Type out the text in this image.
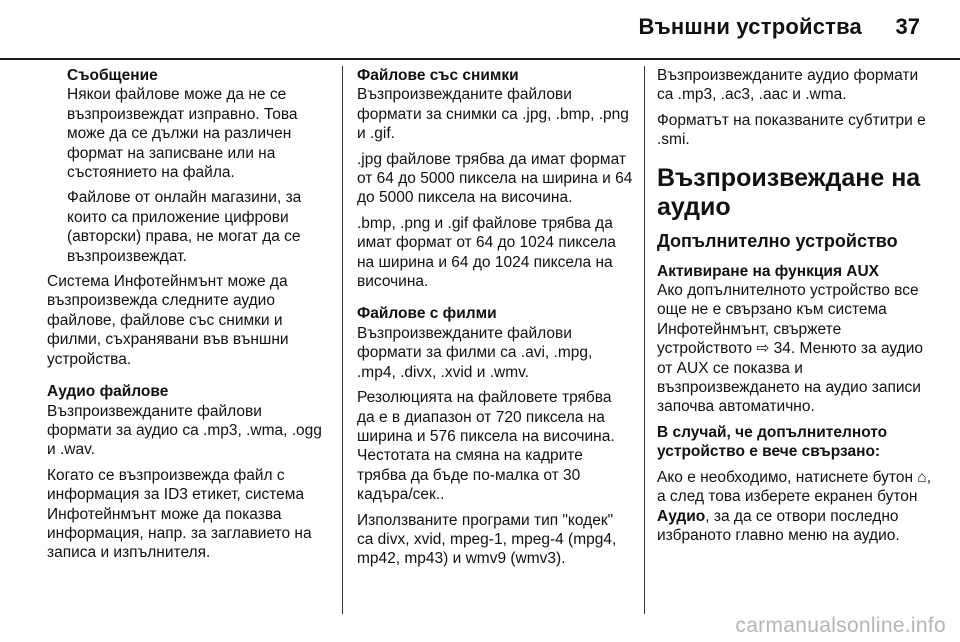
Външни устройства 37
Съобщение

Някои файлове може да не се възпроизвеждат изправно. Това може да се дължи на различен формат на записване или на състоянието на файла.

Файлове от онлайн магазини, за които са приложение цифрови (авторски) права, не могат да се възпроизвеждат.

Система Инфотейнмънт може да възпроизвежда следните аудио файлове, файлове със снимки и филми, съхранявани във външни устройства.

Аудио файлове

Възпроизвежданите файлови формати за аудио са .mp3, .wma, .ogg и .wav.

Когато се възпроизвежда файл с информация за ID3 етикет, система Инфотейнмънт може да показва информация, напр. за заглавието на записа и изпълнителя.

Файлове със снимки

Възпроизвежданите файлови формати за снимки са .jpg, .bmp, .png и .gif.

.jpg файлове трябва да имат формат от 64 до 5000 пиксела на ширина и 64 до 5000 пиксела на височина.

.bmp, .png и .gif файлове трябва да имат формат от 64 до 1024 пиксела на ширина и 64 до 1024 пиксела на височина.

Файлове с филми

Възпроизвежданите файлови формати за филми са .avi, .mpg, .mp4, .divx, .xvid и .wmv.

Резолюцията на файловете трябва да е в диапазон от 720 пиксела на ширина и 576 пиксела на височина. Честотата на смяна на кадрите трябва да бъде по-малка от 30 кадъра/сек..

Използваните програми тип "кодек" са divx, xvid, mpeg-1, mpeg-4 (mpg4, mp42, mp43) и wmv9 (wmv3).

Възпроизвежданите аудио формати са .mp3, .ac3, .aac и .wma.

Форматът на показваните субтитри е .smi.

Възпроизвеждане на аудио
Допълнително устройство
Активиране на функция AUX

Ако допълнителното устройство все още не е свързано към система Инфотейнмънт, свържете устройството ⇨ 34. Менюто за аудио от AUX се показва и възпроизвеждането на аудио записи започва автоматично.

В случай, че допълнителното устройство е вече свързано:

Ако е необходимо, натиснете бутон ⌂, а след това изберете екранен бутон Аудио, за да се отвори последно избраното главно меню на аудио.

carmanualsonline.info
